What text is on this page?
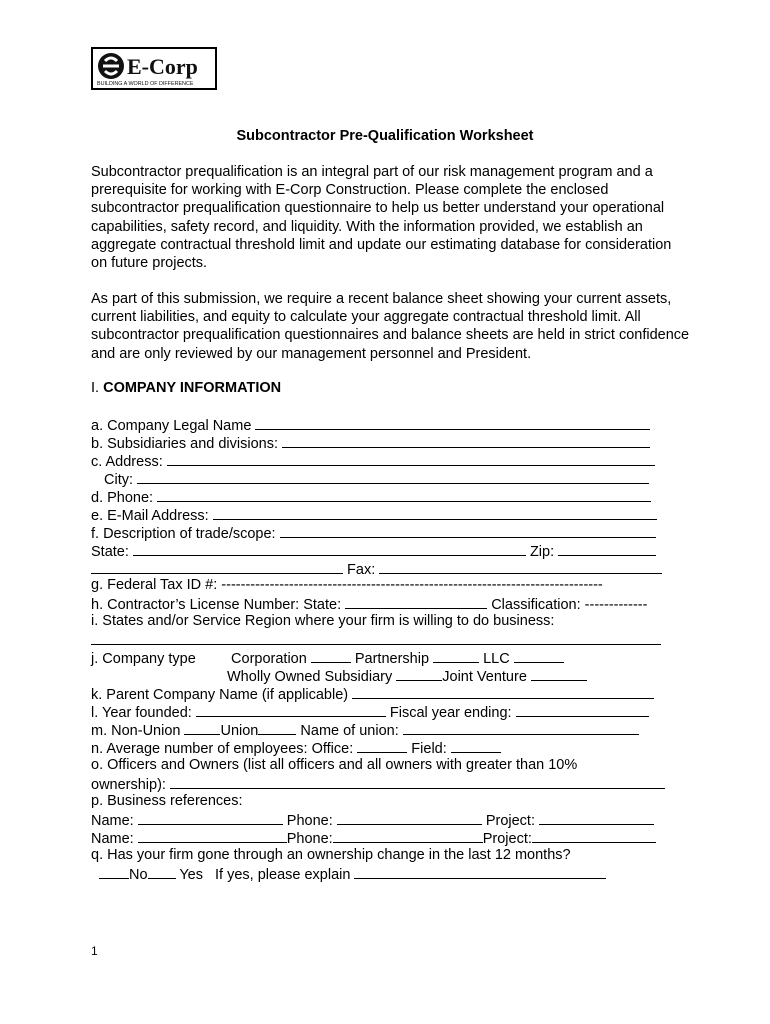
E-Corp
BUILDING A WORLD OF DIFFERENCE
Subcontractor Pre-Qualification Worksheet
Subcontractor prequalification is an integral part of our risk management program and a prerequisite for working with E-Corp Construction. Please complete the enclosed subcontractor prequalification questionnaire to help us better understand your operational capabilities, safety record, and liquidity. With the information provided, we establish an aggregate contractual threshold limit and update our estimating database for consideration on future projects.
As part of this submission, we require a recent balance sheet showing your current assets, current liabilities, and equity to calculate your aggregate contractual threshold limit. All subcontractor prequalification questionnaires and balance sheets are held in strict confidence and are only reviewed by our management personnel and President.
I. COMPANY INFORMATION
a. Company Legal Name
b. Subsidiaries and divisions:
c. Address:
City:
d. Phone:
e. E-Mail Address:
f. Description of trade/scope:
State:	Zip:
Fax:
g. Federal Tax ID #: -------------------------------------------------------------------------------
h. Contractor’s License Number: State:	Classification: -------------
i. States and/or Service Region where your firm is willing to do business:
j. Company type Corporation	Partnership	LLC
Wholly Owned Subsidiary	Joint Venture
k. Parent Company Name (if applicable)
l. Year founded:	Fiscal year ending:
m. Non-Union	Union	Name of union:
n. Average number of employees: Office:	Field:
o. Officers and Owners (list all officers and all owners with greater than 10%
ownership):
p. Business references:
Name:	Phone:	Project:
Name:	Phone:	Project:
q. Has your firm gone through an ownership change in the last 12 months?
No Yes If yes, please explain
1
